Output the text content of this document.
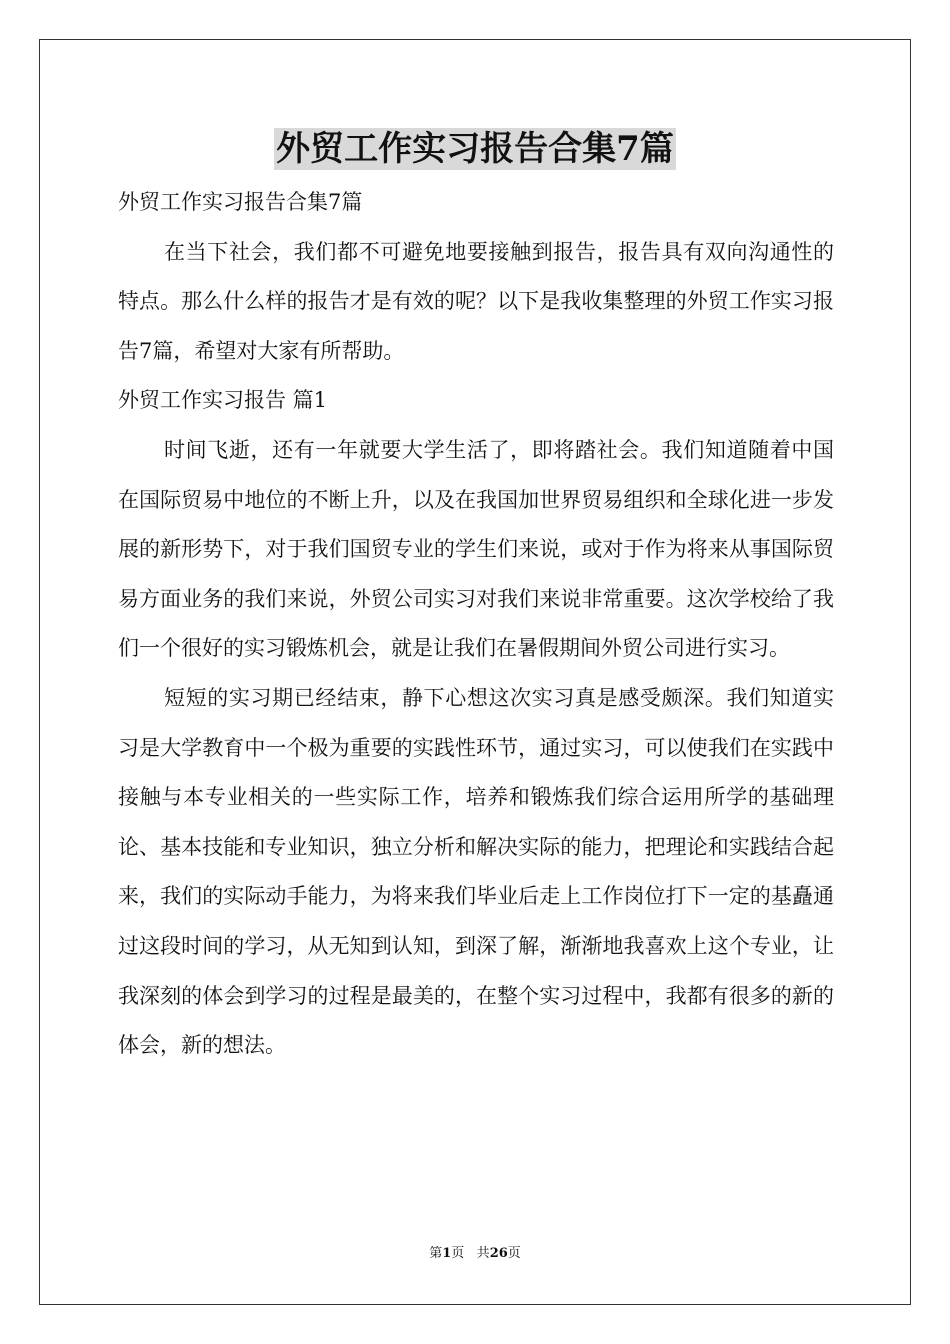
外贸工作实习报告合集7篇

外贸工作实习报告合集7篇

在当下社会，我们都不可避免地要接触到报告，报告具有双向沟通性的特点。那么什么样的报告才是有效的呢？以下是我收集整理的外贸工作实习报告7篇，希望对大家有所帮助。

外贸工作实习报告 篇1

时间飞逝，还有一年就要大学生活了，即将踏社会。我们知道随着中国在国际贸易中地位的不断上升，以及在我国加世界贸易组织和全球化进一步发展的新形势下，对于我们国贸专业的学生们来说，或对于作为将来从事国际贸易方面业务的我们来说，外贸公司实习对我们来说非常重要。这次学校给了我们一个很好的实习锻炼机会，就是让我们在暑假期间外贸公司进行实习。

短短的实习期已经结束，静下心想这次实习真是感受颇深。我们知道实习是大学教育中一个极为重要的实践性环节，通过实习，可以使我们在实践中接触与本专业相关的一些实际工作，培养和锻炼我们综合运用所学的基础理论、基本技能和专业知识，独立分析和解决实际的能力，把理论和实践结合起来，我们的实际动手能力，为将来我们毕业后走上工作岗位打下一定的基矗通过这段时间的学习，从无知到认知，到深了解，渐渐地我喜欢上这个专业，让我深刻的体会到学习的过程是最美的，在整个实习过程中，我都有很多的新的体会，新的想法。

第1页 共26页
